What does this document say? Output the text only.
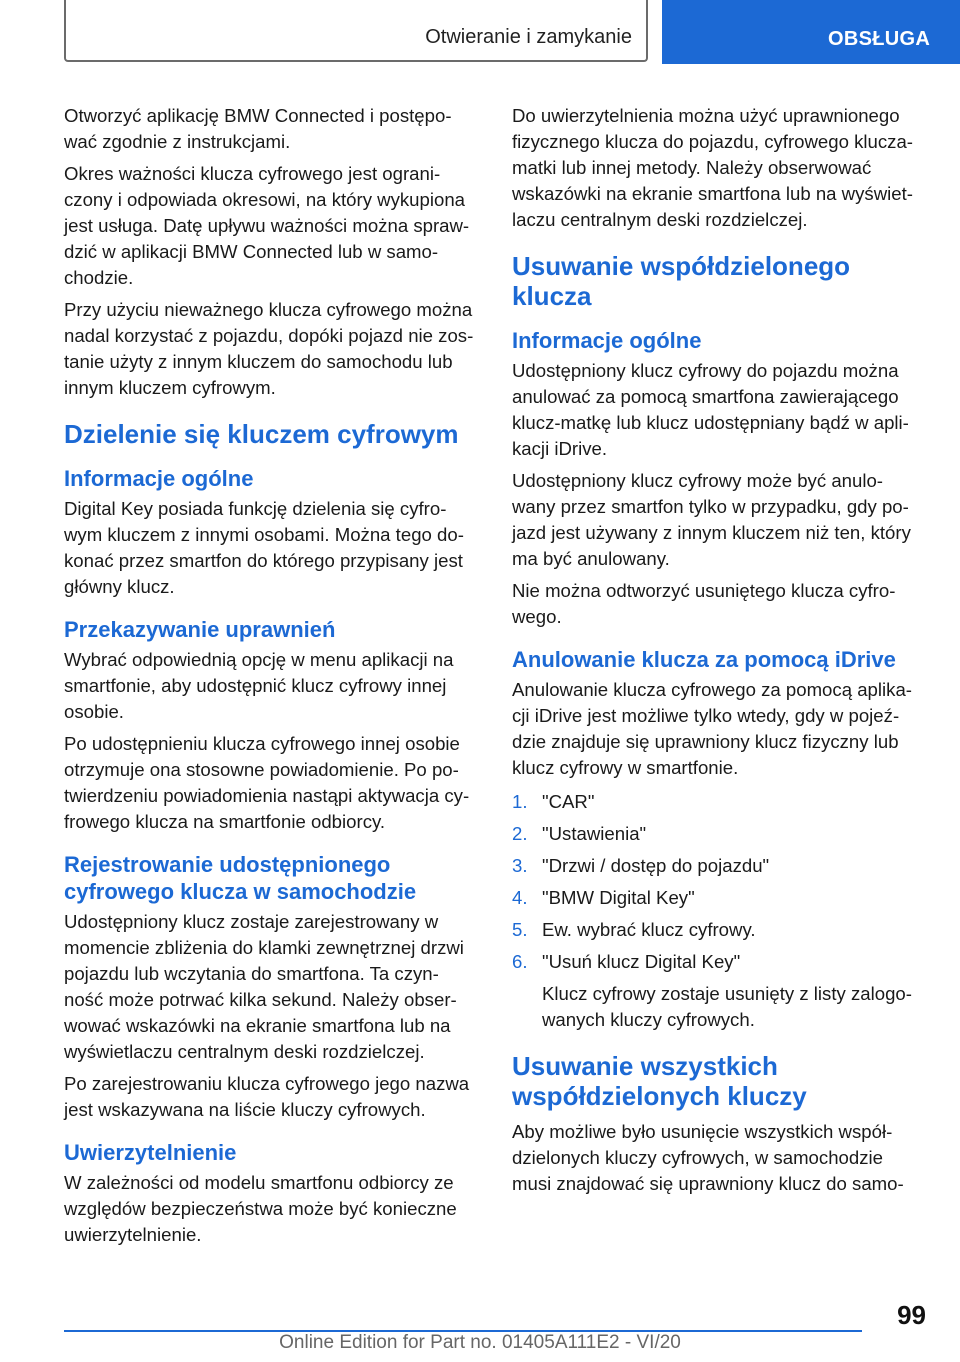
Otwieranie i zamykanie	OBSŁUGA

Otworzyć aplikację BMW Connected i postępo-wać zgodnie z instrukcjami.

Okres ważności klucza cyfrowego jest ograni-czony i odpowiada okresowi, na który wykupiona jest usługa. Datę upływu ważności można spraw-dzić w aplikacji BMW Connected lub w samo-chodzie.

Przy użyciu nieważnego klucza cyfrowego można nadal korzystać z pojazdu, dopóki pojazd nie zos-tanie użyty z innym kluczem do samochodu lub innym kluczem cyfrowym.

Dzielenie się kluczem cyfrowym
Informacje ogólne

Digital Key posiada funkcję dzielenia się cyfro-wym kluczem z innymi osobami. Można tego do-konać przez smartfon do którego przypisany jest główny klucz.

Przekazywanie uprawnień

Wybrać odpowiednią opcję w menu aplikacji na smartfonie, aby udostępnić klucz cyfrowy innej osobie.

Po udostępnieniu klucza cyfrowego innej osobie otrzymuje ona stosowne powiadomienie. Po po-twierdzeniu powiadomienia nastąpi aktywacja cy-frowego klucza na smartfonie odbiorcy.

Rejestrowanie udostępnionego cyfrowego klucza w samochodzie

Udostępniony klucz zostaje zarejestrowany w momencie zbliżenia do klamki zewnętrznej drzwi pojazdu lub wczytania do smartfona. Ta czyn-ność może potrwać kilka sekund. Należy obser-wować wskazówki na ekranie smartfona lub na wyświetlaczu centralnym deski rozdzielczej.

Po zarejestrowaniu klucza cyfrowego jego nazwa jest wskazywana na liście kluczy cyfrowych.

Uwierzytelnienie

W zależności od modelu smartfonu odbiorcy ze względów bezpieczeństwa może być konieczne uwierzytelnienie.

Do uwierzytelnienia można użyć uprawnionego fizycznego klucza do pojazdu, cyfrowego klucza-matki lub innej metody. Należy obserwować wskazówki na ekranie smartfona lub na wyświet-laczu centralnym deski rozdzielczej.

Usuwanie współdzielonego klucza
Informacje ogólne

Udostępniony klucz cyfrowy do pojazdu można anulować za pomocą smartfona zawierającego klucz-matkę lub klucz udostępniany bądź w apli-kacji iDrive.

Udostępniony klucz cyfrowy może być anulo-wany przez smartfon tylko w przypadku, gdy po-jazd jest używany z innym kluczem niż ten, który ma być anulowany.

Nie można odtworzyć usuniętego klucza cyfro-wego.

Anulowanie klucza za pomocą iDrive

Anulowanie klucza cyfrowego za pomocą aplika-cji iDrive jest możliwe tylko wtedy, gdy w pojeź-dzie znajduje się uprawniony klucz fizyczny lub klucz cyfrowy w smartfonie.

1. "CAR"
2. "Ustawienia"
3. "Drzwi / dostęp do pojazdu"
4. "BMW Digital Key"
5. Ew. wybrać klucz cyfrowy.
6. "Usuń klucz Digital Key"

Klucz cyfrowy zostaje usunięty z listy zalogo-wanych kluczy cyfrowych.

Usuwanie wszystkich współdzielonych kluczy

Aby możliwe było usunięcie wszystkich współ-dzielonych kluczy cyfrowych, w samochodzie musi znajdować się uprawniony klucz do samo-

99
Online Edition for Part no. 01405A111E2 - VI/20
